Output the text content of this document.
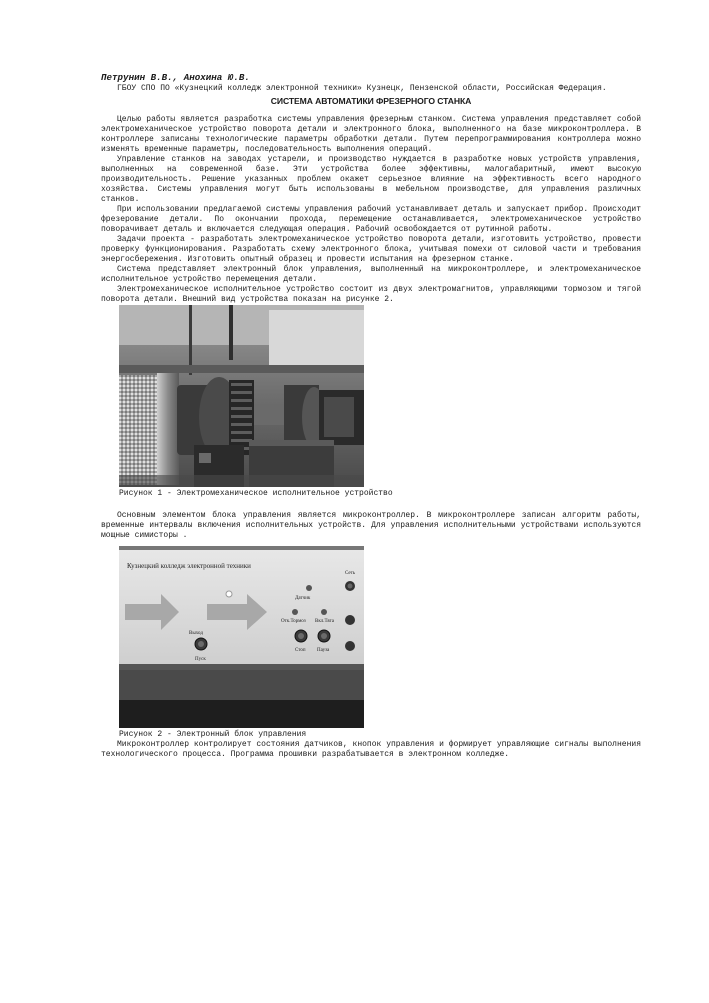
Петрунин В.В., Анохина Ю.В.

ГБОУ СПО ПО «Кузнецкий колледж электронной техники» Кузнецк, Пензенской области, Российская Федерация.

СИСТЕМА АВТОМАТИКИ ФРЕЗЕРНОГО СТАНКА

Целью работы является разработка системы управления фрезерным станком. Система управления представляет собой электромеханическое устройство поворота детали и электронного блока, выполненного на базе микроконтроллера. В контроллере записаны технологические параметры обработки детали. Путем перепрограммирования контроллера можно изменять временные параметры, последовательность выполнения операций.

Управление станков на заводах устарели, и производство нуждается в разработке новых устройств управления, выполненных на современной базе. Эти устройства более эффективны, малогабаритный, имеют высокую производительность. Решение указанных проблем окажет серьезное влияние на эффективность всего народного хозяйства. Системы управления могут быть использованы в мебельном производстве, для управления различных станков.

При использовании предлагаемой системы управления рабочий устанавливает деталь и запускает прибор. Происходит фрезерование детали. По окончании прохода, перемещение останавливается, электромеханическое устройство поворачивает деталь и включается следующая операция. Рабочий освобождается от рутинной работы.

Задачи проекта - разработать электромеханическое устройство поворота детали, изготовить устройство, провести проверку функционирования. Разработать схему электронного блока, учитывая помехи от силовой части и требования энергосбережения. Изготовить опытный образец и провести испытания на фрезерном станке.

Система представляет электронный блок управления, выполненный на микроконтроллере, и электромеханическое исполнительное устройство перемещения детали.

Электромеханическое исполнительное устройство состоит из двух электромагнитов, управляющими тормозом и тягой поворота детали. Внешний вид устройства показан на рисунке 2.

Рисунок 1 - Электромеханическое исполнительное устройство

Основным элементом блока управления является микроконтроллер. В микроконтроллере записан алгоритм работы, временные интервалы включения исполнительных устройств. Для управления исполнительными устройствами используются мощные симисторы .

Кузнецкий колледж электронной техники
Сеть
Датчик
Выход
Отк.Тормоз Вкл.Тяга
Пуск
Стоп Пауза

Рисунок 2 - Электронный блок управления

Микроконтроллер контролирует состояния датчиков, кнопок управления и формирует управляющие сигналы выполнения технологического процесса. Программа прошивки разрабатывается в электронном колледже.
